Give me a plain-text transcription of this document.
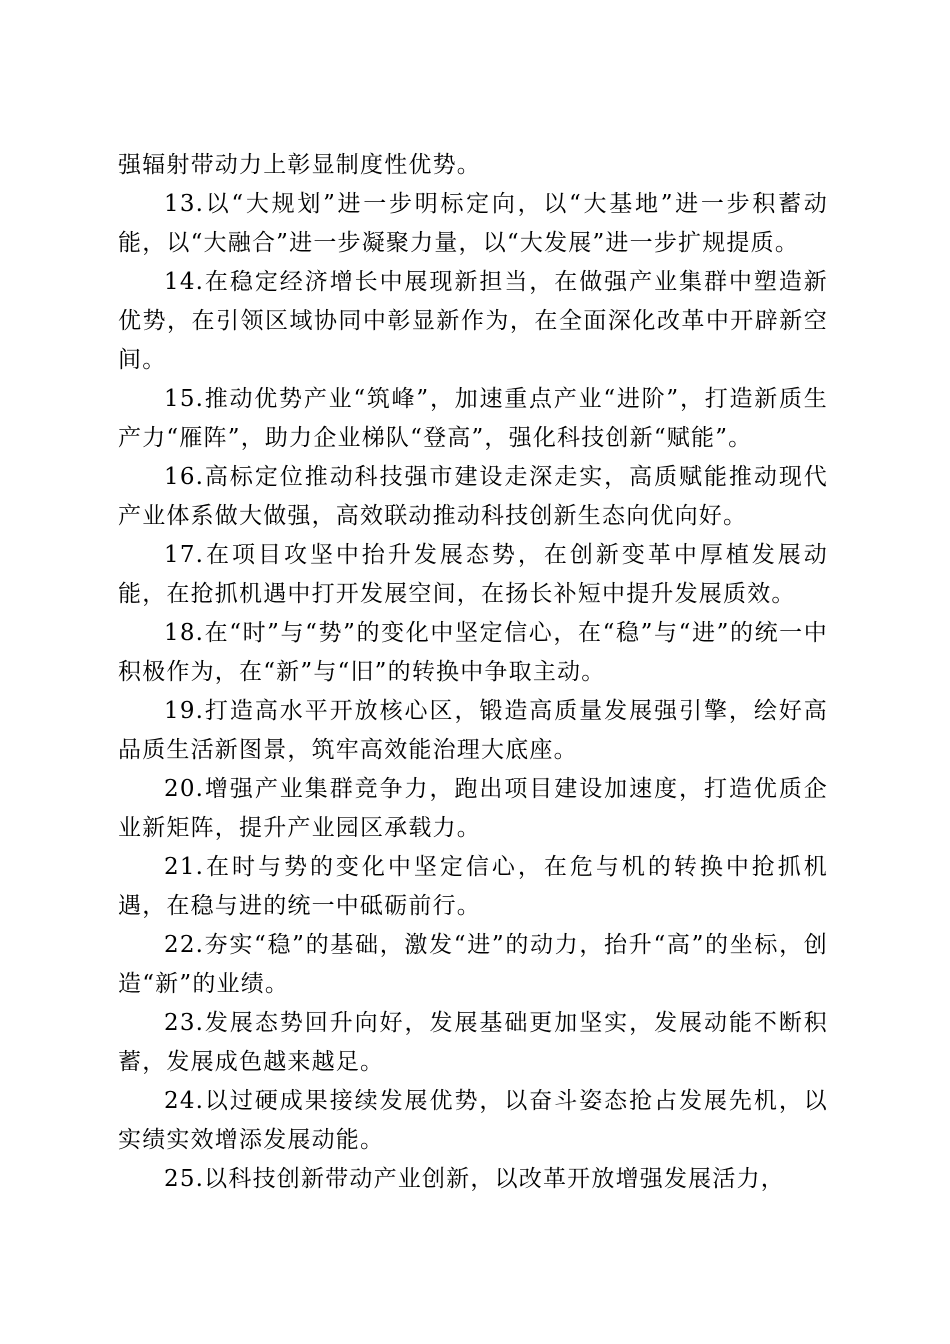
强辐射带动力上彰显制度性优势。

13.以“大规划”进一步明标定向，以“大基地”进一步积蓄动能，以“大融合”进一步凝聚力量，以“大发展”进一步扩规提质。

14.在稳定经济增长中展现新担当，在做强产业集群中塑造新优势，在引领区域协同中彰显新作为，在全面深化改革中开辟新空间。

15.推动优势产业“筑峰”，加速重点产业“进阶”，打造新质生产力“雁阵”，助力企业梯队“登高”，强化科技创新“赋能”。

16.高标定位推动科技强市建设走深走实，高质赋能推动现代产业体系做大做强，高效联动推动科技创新生态向优向好。

17.在项目攻坚中抬升发展态势，在创新变革中厚植发展动能，在抢抓机遇中打开发展空间，在扬长补短中提升发展质效。

18.在“时”与“势”的变化中坚定信心，在“稳”与“进”的统一中积极作为，在“新”与“旧”的转换中争取主动。

19.打造高水平开放核心区，锻造高质量发展强引擎，绘好高品质生活新图景，筑牢高效能治理大底座。

20.增强产业集群竞争力，跑出项目建设加速度，打造优质企业新矩阵，提升产业园区承载力。

21.在时与势的变化中坚定信心，在危与机的转换中抢抓机遇，在稳与进的统一中砥砺前行。

22.夯实“稳”的基础，激发“进”的动力，抬升“高”的坐标，创造“新”的业绩。

23.发展态势回升向好，发展基础更加坚实，发展动能不断积蓄，发展成色越来越足。

24.以过硬成果接续发展优势，以奋斗姿态抢占发展先机，以实绩实效增添发展动能。

25.以科技创新带动产业创新，以改革开放增强发展活力，
